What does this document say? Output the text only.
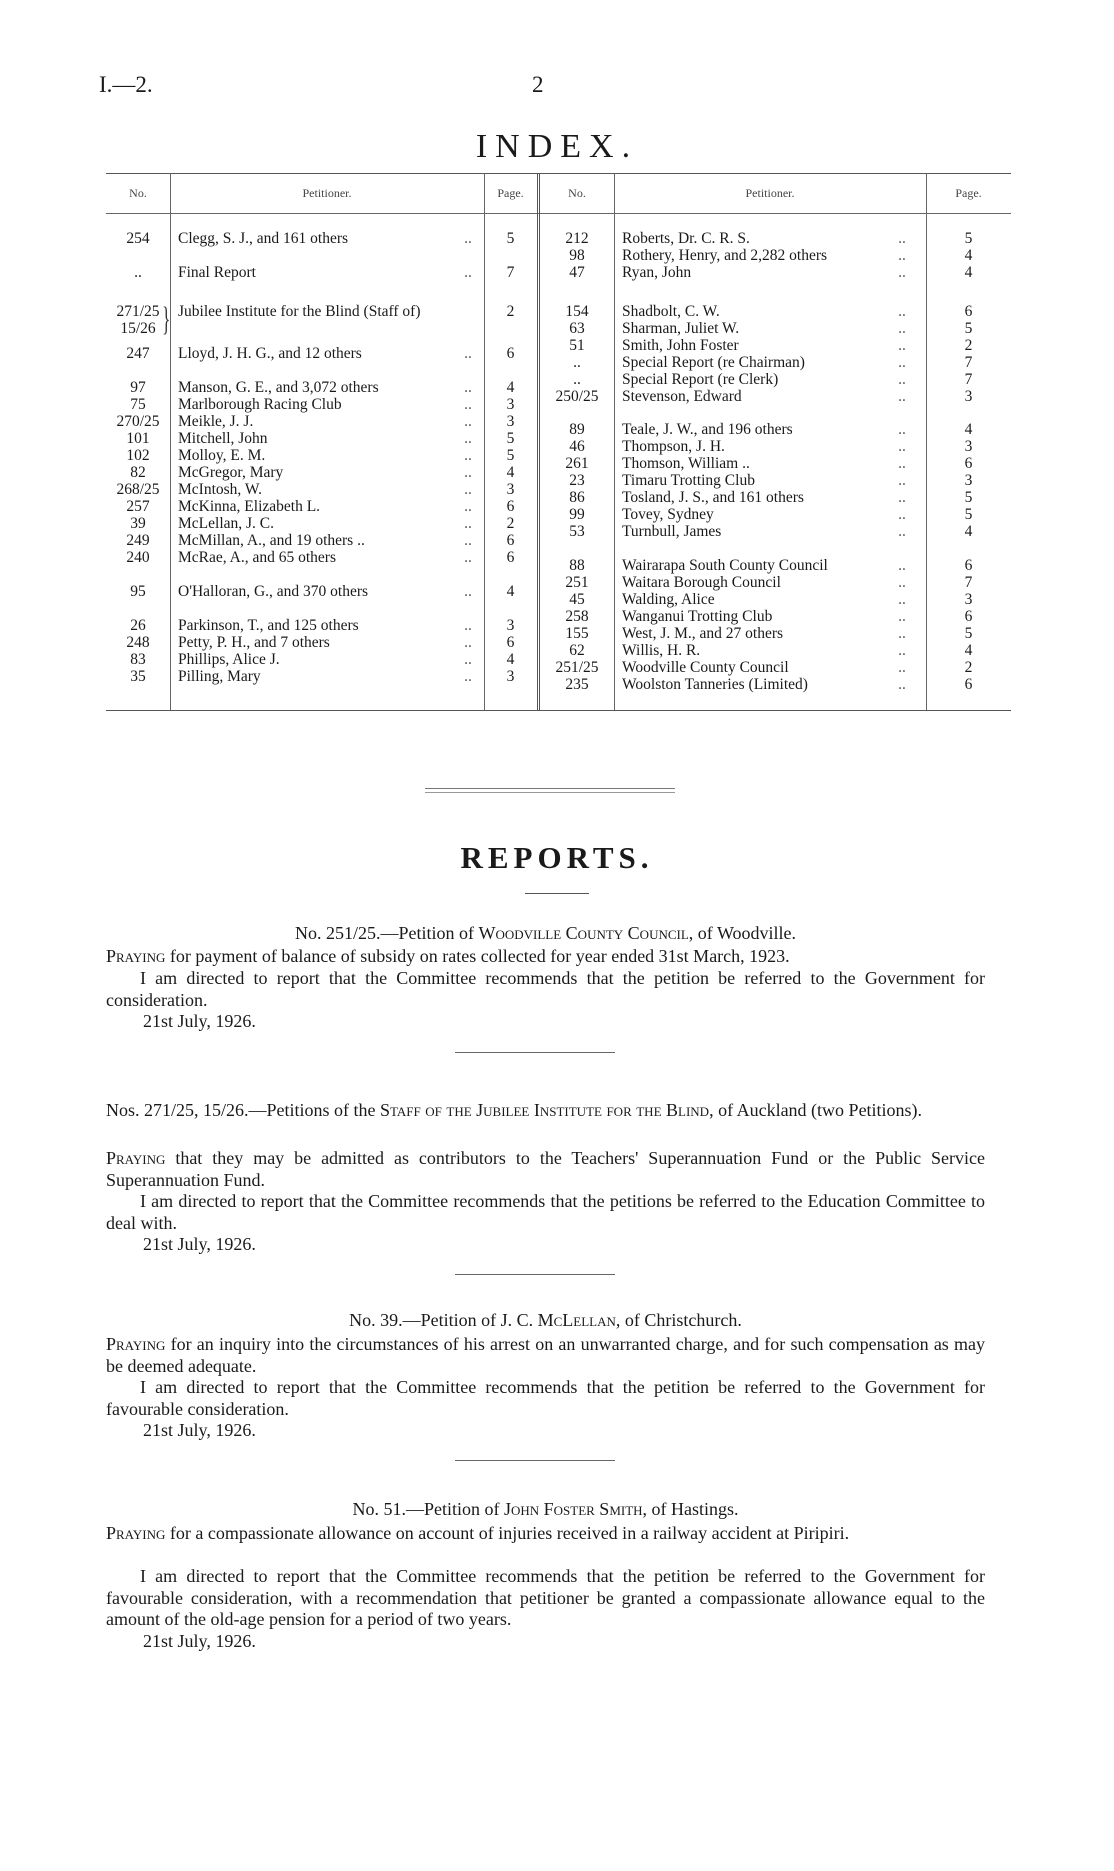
I.—2.	2
INDEX.
No.	Petitioner.	Page.	No.	Petitioner.	Page.
254	Clegg, S. J., and 161 others	..	5
..	Final Report	..	7
271/25	Jubilee Institute for the Blind (Staff of)	2
15/26
247	Lloyd, J. H. G., and 12 others	..	6
97	Manson, G. E., and 3,072 others	..	4
75	Marlborough Racing Club	..	3
270/25	Meikle, J. J.	..	3
101	Mitchell, John	..	5
102	Molloy, E. M.	..	5
82	McGregor, Mary	..	4
268/25	McIntosh, W.	..	3
257	McKinna, Elizabeth L.	..	6
39	McLellan, J. C.	..	2
249	McMillan, A., and 19 others ..	..	6
240	McRae, A., and 65 others	..	6
95	O'Halloran, G., and 370 others	..	4
26	Parkinson, T., and 125 others	..	3
248	Petty, P. H., and 7 others	..	6
83	Phillips, Alice J.	..	4
35	Pilling, Mary	..	3
}
212	Roberts, Dr. C. R. S.	..	5
98	Rothery, Henry, and 2,282 others	..	4
47	Ryan, John	..	4
154	Shadbolt, C. W.	..	6
63	Sharman, Juliet W.	..	5
51	Smith, John Foster	..	2
..	Special Report (re Chairman)	..	7
..	Special Report (re Clerk)	..	7
250/25	Stevenson, Edward	..	3
89	Teale, J. W., and 196 others	..	4
46	Thompson, J. H.	..	3
261	Thomson, William ..	..	6
23	Timaru Trotting Club	..	3
86	Tosland, J. S., and 161 others	..	5
99	Tovey, Sydney	..	5
53	Turnbull, James	..	4
88	Wairarapa South County Council	..	6
251	Waitara Borough Council	..	7
45	Walding, Alice	..	3
258	Wanganui Trotting Club	..	6
155	West, J. M., and 27 others	..	5
62	Willis, H. R.	..	4
251/25	Woodville County Council	..	2
235	Woolston Tanneries (Limited)	..	6
REPORTS.
No. 251/25.—Petition of Woodville County Council, of Woodville.
Praying for payment of balance of subsidy on rates collected for year ended 31st March, 1923.
I am directed to report that the Committee recommends that the petition be referred to the Government for consideration.
21st July, 1926.
Nos. 271/25, 15/26.—Petitions of the Staff of the Jubilee Institute for the Blind, of Auckland (two Petitions).
Praying that they may be admitted as contributors to the Teachers' Superannuation Fund or the Public Service Superannuation Fund.
I am directed to report that the Committee recommends that the petitions be referred to the Education Committee to deal with.
21st July, 1926.
No. 39.—Petition of J. C. McLellan, of Christchurch.
Praying for an inquiry into the circumstances of his arrest on an unwarranted charge, and for such compensation as may be deemed adequate.
I am directed to report that the Committee recommends that the petition be referred to the Government for favourable consideration.
21st July, 1926.
No. 51.—Petition of John Foster Smith, of Hastings.
Praying for a compassionate allowance on account of injuries received in a railway accident at Piripiri.
I am directed to report that the Committee recommends that the petition be referred to the Government for favourable consideration, with a recommendation that petitioner be granted a compassionate allowance equal to the amount of the old-age pension for a period of two years.
21st July, 1926.
